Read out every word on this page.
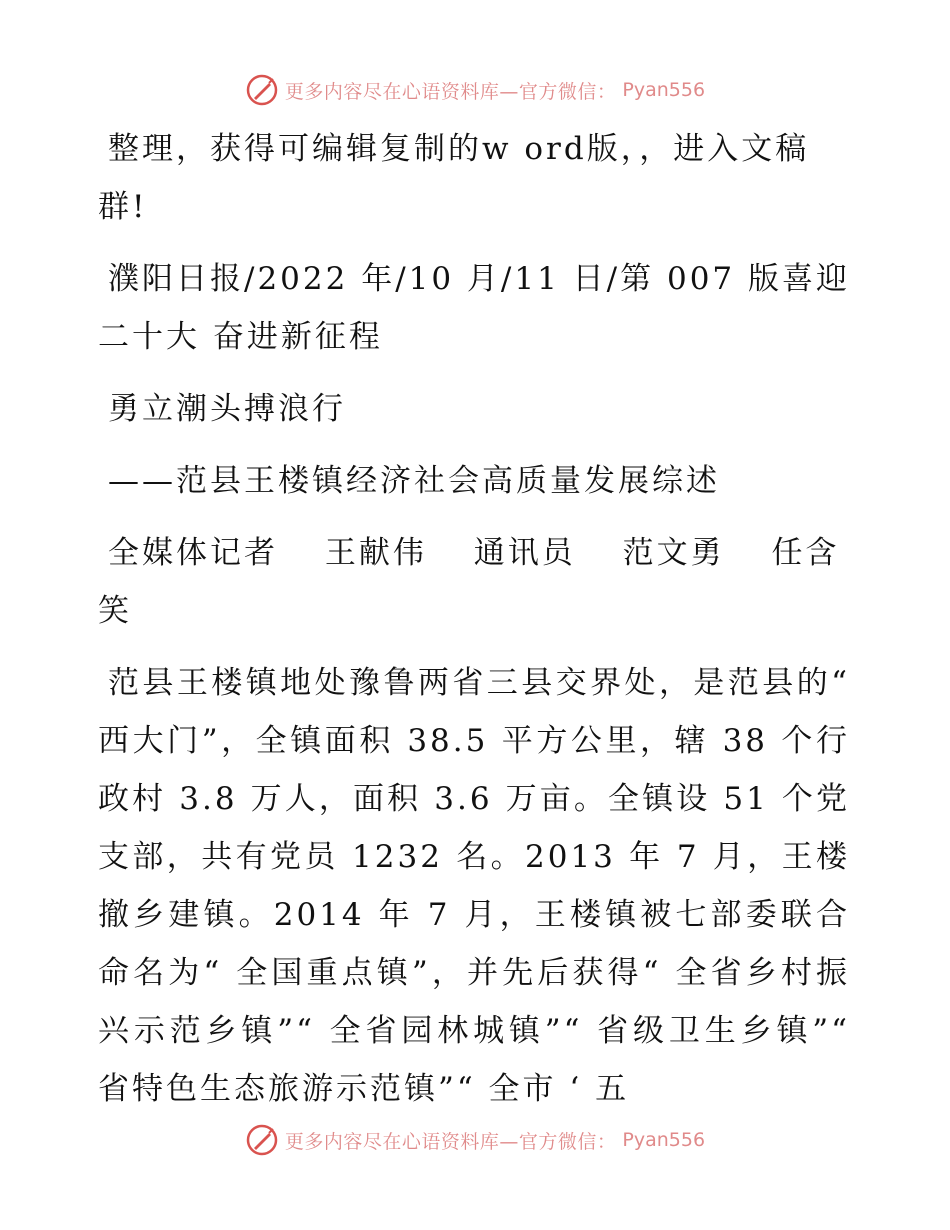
更多内容尽在心语资料库—官方微信： Pyan556

整理，获得可编辑复制的w ord版，，进入文稿群!

濮阳日报/2022 年/10 月/11 日/第 007 版喜迎二十大 奋进新征程

勇立潮头搏浪行

——范县王楼镇经济社会高质量发展综述

全媒体记者 王献伟 通讯员 范文勇 任含笑

范县王楼镇地处豫鲁两省三县交界处，是范县的“ 西大门”，全镇面积 38.5 平方公里，辖 38 个行政村 3.8 万人，面积 3.6 万亩。全镇设 51 个党支部，共有党员 1232 名。2013 年 7 月，王楼撤乡建镇。2014 年 7 月，王楼镇被七部委联合命名为“ 全国重点镇”，并先后获得“ 全省乡村振兴示范乡镇”“ 全省园林城镇”“ 省级卫生乡镇”“ 省特色生态旅游示范镇”“ 全市 ‘ 五

更多内容尽在心语资料库—官方微信： Pyan556
